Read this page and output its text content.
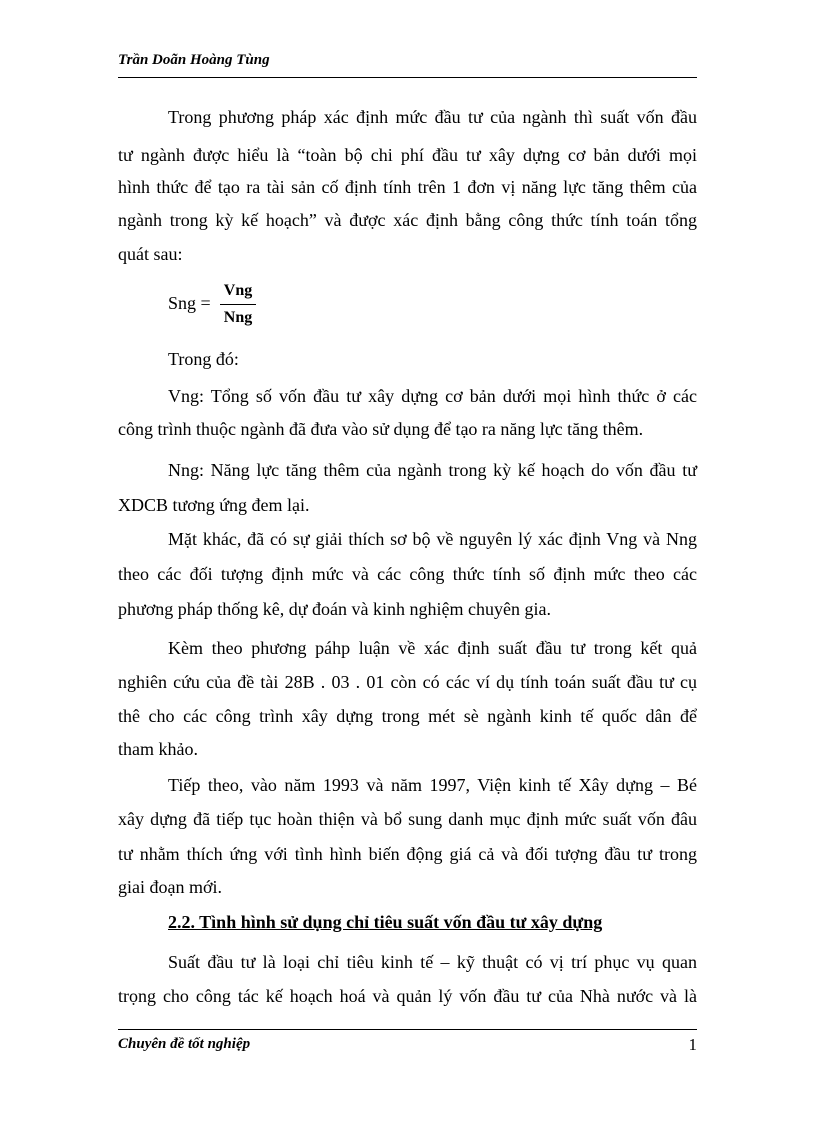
Trần Doãn Hoàng Tùng
Trong phương pháp xác định mức đầu tư của ngành thì suất vốn đầu
tư ngành được hiểu là “toàn bộ chi phí đầu tư xây dựng cơ bản dưới mọi
hình thức để tạo ra tài sản cố định tính trên 1 đơn vị năng lực tăng thêm của
ngành trong kỳ kế hoạch” và được xác định bằng công thức tính toán tổng
quát sau:
Sng =
Vng
Nng
Trong đó:
Vng: Tổng số vốn đầu tư xây dựng cơ bản dưới mọi hình thức ở các
công trình thuộc ngành đã đưa vào sử dụng để tạo ra năng lực tăng thêm.
Nng: Năng lực tăng thêm của ngành trong kỳ kế hoạch do vốn đầu tư
XDCB tương ứng đem lại.
Mặt khác, đã có sự giải thích sơ bộ về nguyên lý xác định Vng và Nng
theo các đối tượng định mức và các công thức tính số định mức theo các
phương pháp thống kê, dự đoán và kinh nghiệm chuyên gia.
Kèm theo phương páhp luận về xác định suất đầu tư trong kết quả
nghiên cứu của đề tài 28B . 03 . 01 còn có các ví dụ tính toán suất đầu tư cụ
thê cho các công trình xây dựng trong mét sè ngành kinh tế quốc dân để
tham khảo.
Tiếp theo, vào năm 1993 và năm 1997, Viện kinh tế Xây dựng – Bé
xây dựng đã tiếp tục hoàn thiện và bổ sung danh mục định mức suất vốn đâu
tư nhằm thích ứng với tình hình biến động giá cả và đối tượng đầu tư trong
giai đoạn mới.
2.2. Tình hình sử dụng chỉ tiêu suất vốn đầu tư xây dựng
Suất đầu tư là loại chỉ tiêu kinh tế – kỹ thuật có vị trí phục vụ quan
trọng cho công tác kế hoạch hoá và quản lý vốn đầu tư của Nhà nước và là
Chuyên đề tốt nghiệp	1
